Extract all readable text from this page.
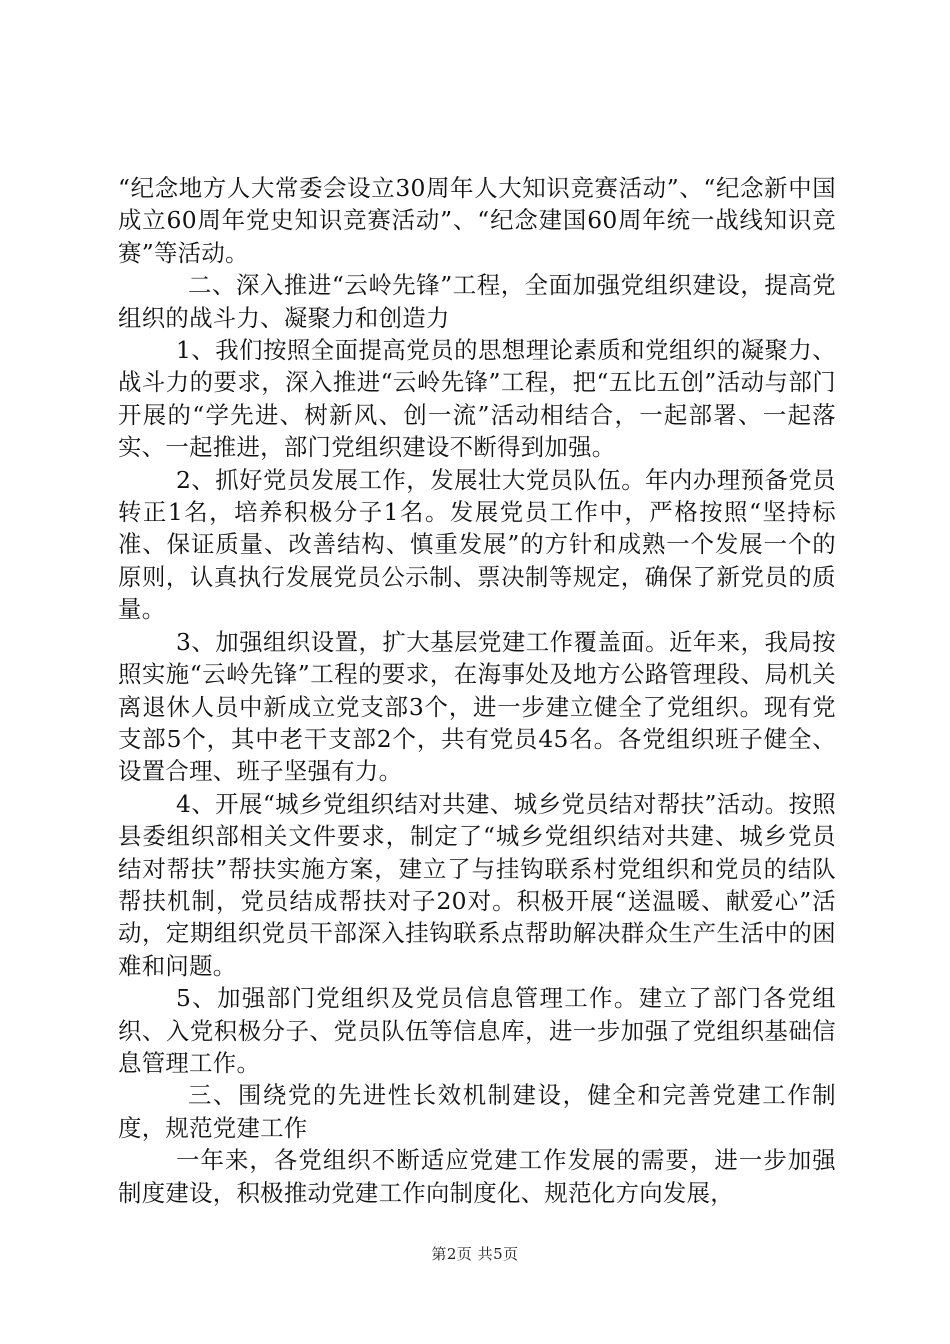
“纪念地方人大常委会设立30周年人大知识竞赛活动”、“纪念新中国成立60周年党史知识竞赛活动”、“纪念建国60周年统一战线知识竞赛”等活动。

二、深入推进“云岭先锋”工程，全面加强党组织建设，提高党组织的战斗力、凝聚力和创造力

1、我们按照全面提高党员的思想理论素质和党组织的凝聚力、战斗力的要求，深入推进“云岭先锋”工程，把“五比五创”活动与部门开展的“学先进、树新风、创一流”活动相结合，一起部署、一起落实、一起推进，部门党组织建设不断得到加强。

2、抓好党员发展工作，发展壮大党员队伍。年内办理预备党员转正1名，培养积极分子1名。发展党员工作中，严格按照“坚持标准、保证质量、改善结构、慎重发展”的方针和成熟一个发展一个的原则，认真执行发展党员公示制、票决制等规定，确保了新党员的质量。

3、加强组织设置，扩大基层党建工作覆盖面。近年来，我局按照实施“云岭先锋”工程的要求，在海事处及地方公路管理段、局机关离退休人员中新成立党支部3个，进一步建立健全了党组织。现有党支部5个，其中老干支部2个，共有党员45名。各党组织班子健全、设置合理、班子坚强有力。

4、开展“城乡党组织结对共建、城乡党员结对帮扶”活动。按照县委组织部相关文件要求，制定了“城乡党组织结对共建、城乡党员结对帮扶”帮扶实施方案，建立了与挂钩联系村党组织和党员的结队帮扶机制，党员结成帮扶对子20对。积极开展“送温暖、献爱心”活动，定期组织党员干部深入挂钩联系点帮助解决群众生产生活中的困难和问题。

5、加强部门党组织及党员信息管理工作。建立了部门各党组织、入党积极分子、党员队伍等信息库，进一步加强了党组织基础信息管理工作。

三、围绕党的先进性长效机制建设，健全和完善党建工作制度，规范党建工作

一年来，各党组织不断适应党建工作发展的需要，进一步加强制度建设，积极推动党建工作向制度化、规范化方向发展，

第2页 共5页
